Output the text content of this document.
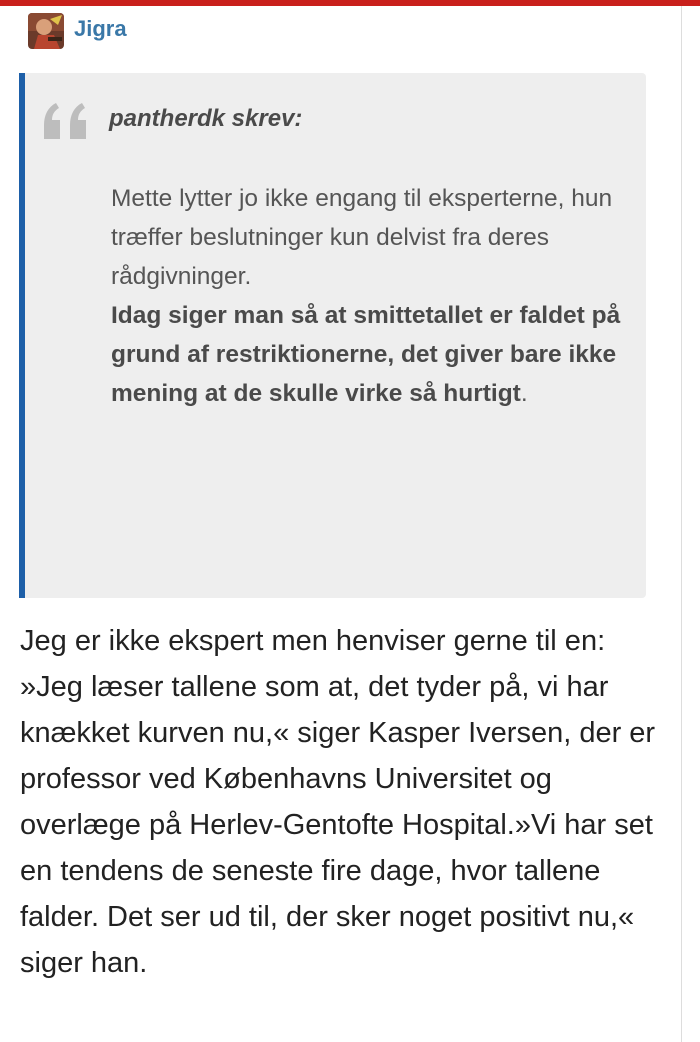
Jigra
pantherdk skrev:
Mette lytter jo ikke engang til eksperterne, hun træffer beslutninger kun delvist fra deres rådgivninger.
Idag siger man så at smittetallet er faldet på grund af restriktionerne, det giver bare ikke mening at de skulle virke så hurtigt.
Jeg er ikke ekspert men henviser gerne til en:
»Jeg læser tallene som at, det tyder på, vi har knækket kurven nu,« siger Kasper Iversen, der er professor ved Københavns Universitet og overlæge på Herlev-Gentofte Hospital.»Vi har set en tendens de seneste fire dage, hvor tallene falder. Det ser ud til, der sker noget positivt nu,« siger han.
